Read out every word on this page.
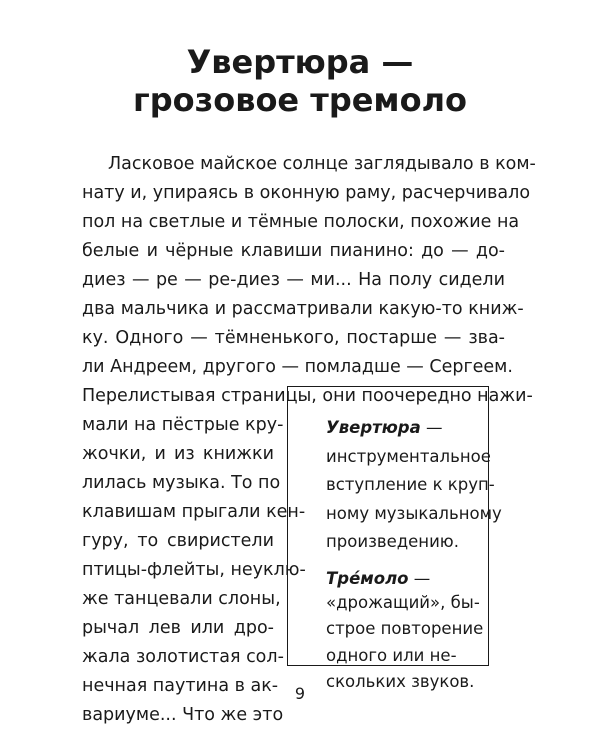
Увертюра —
грозовое тремоло

Ласковое майское солнце заглядывало в ком-

нату и, упираясь в оконную раму, расчерчивало

пол на светлые и тёмные полоски, похожие на

белые и чёрные клавиши пианино: до — до-

диез — ре — ре-диез — ми... На полу сидели

два мальчика и рассматривали какую-то книж-

ку. Одного — тёмненького, постарше — зва-

ли Андреем, другого — помладше — Сергеем.

Перелистывая страницы, они поочередно нажи-

мали на пёстрые кру-

жочки, и из книжки

лилась музыка. То по

клавишам прыгали кен-

гуру, то свиристели

птицы-флейты, неуклю-

же танцевали слоны,

рычал лев или дро-

жала золотистая сол-

нечная паутина в ак-

вариуме... Что же это

Увертюра —

инструментальное

вступление к круп-

ному музыкальному

произведению.

Тре́моло —

«дрожащий», бы-

строе повторение

одного или не-

скольких звуков.

9
